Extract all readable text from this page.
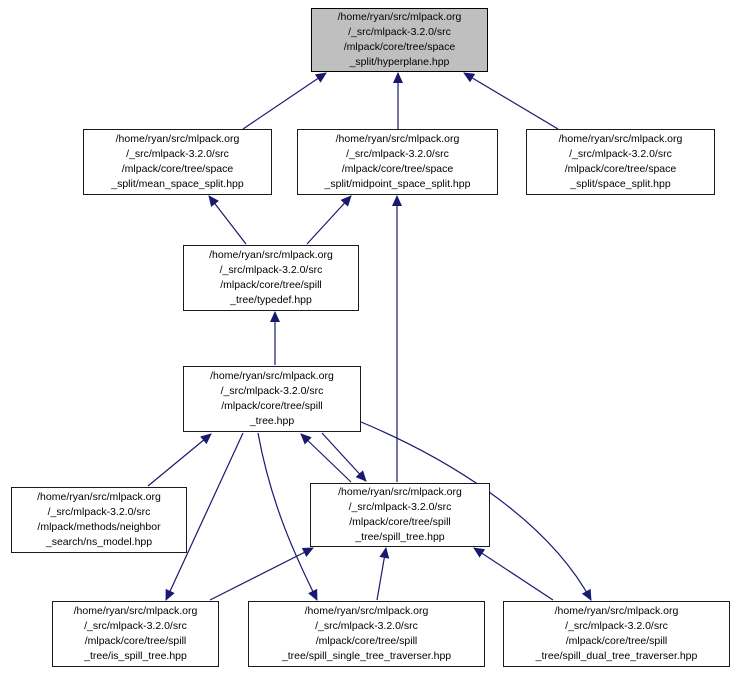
/home/ryan/src/mlpack.org
/_src/mlpack-3.2.0/src
/mlpack/core/tree/space
_split/hyperplane.hpp
/home/ryan/src/mlpack.org
/_src/mlpack-3.2.0/src
/mlpack/core/tree/space
_split/mean_space_split.hpp
/home/ryan/src/mlpack.org
/_src/mlpack-3.2.0/src
/mlpack/core/tree/space
_split/midpoint_space_split.hpp
/home/ryan/src/mlpack.org
/_src/mlpack-3.2.0/src
/mlpack/core/tree/space
_split/space_split.hpp
/home/ryan/src/mlpack.org
/_src/mlpack-3.2.0/src
/mlpack/core/tree/spill
_tree/typedef.hpp
/home/ryan/src/mlpack.org
/_src/mlpack-3.2.0/src
/mlpack/core/tree/spill
_tree.hpp
/home/ryan/src/mlpack.org
/_src/mlpack-3.2.0/src
/mlpack/methods/neighbor
_search/ns_model.hpp
/home/ryan/src/mlpack.org
/_src/mlpack-3.2.0/src
/mlpack/core/tree/spill
_tree/spill_tree.hpp
/home/ryan/src/mlpack.org
/_src/mlpack-3.2.0/src
/mlpack/core/tree/spill
_tree/is_spill_tree.hpp
/home/ryan/src/mlpack.org
/_src/mlpack-3.2.0/src
/mlpack/core/tree/spill
_tree/spill_single_tree_traverser.hpp
/home/ryan/src/mlpack.org
/_src/mlpack-3.2.0/src
/mlpack/core/tree/spill
_tree/spill_dual_tree_traverser.hpp
